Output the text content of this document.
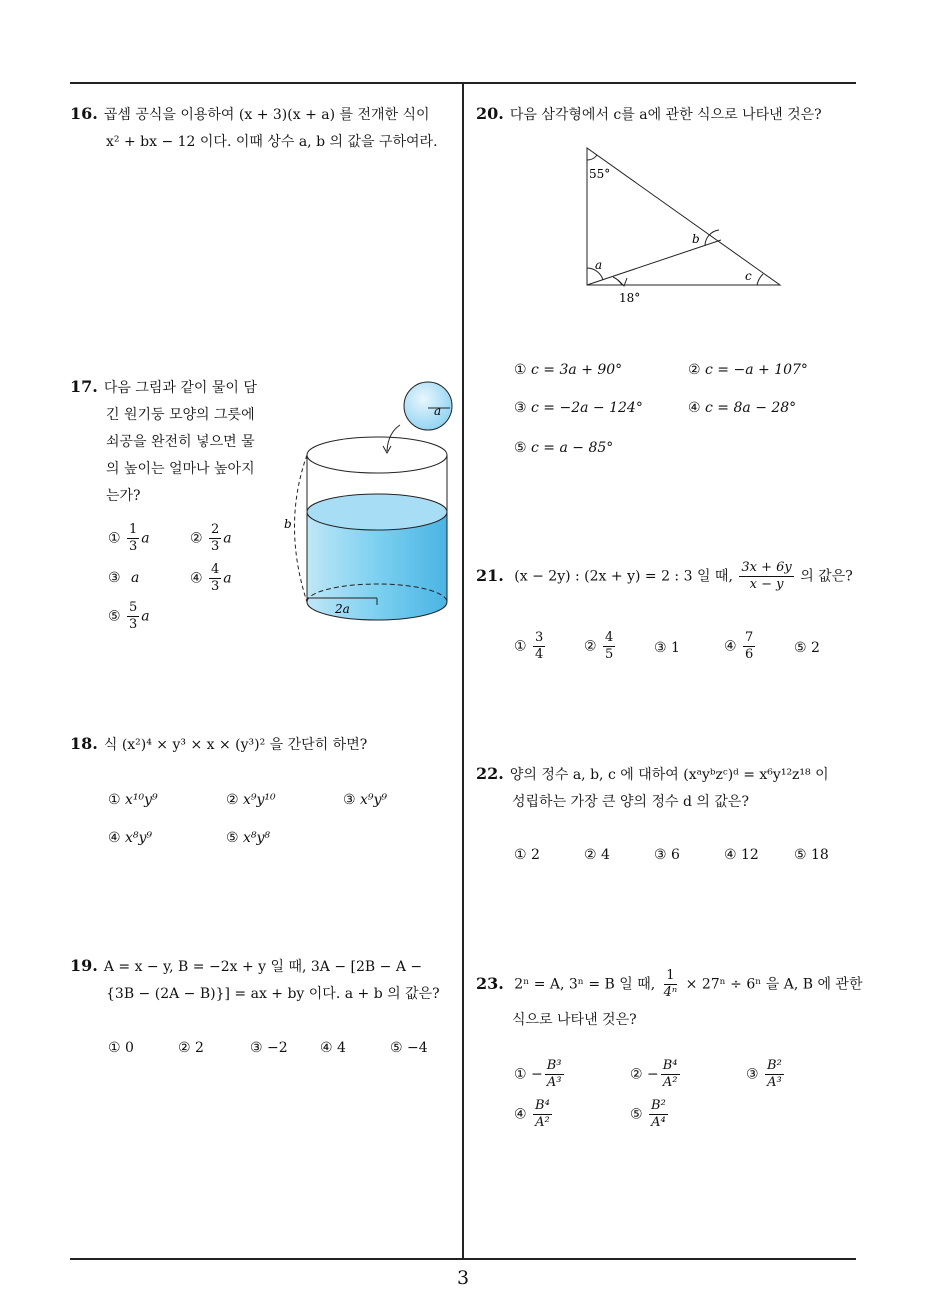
3
16. 곱셈 공식을 이용하여 (x + 3)(x + a) 를 전개한 식이
x² + bx − 12 이다. 이때 상수 a, b 의 값을 구하여라.
17. 다음 그림과 같이 물이 담
긴 원기둥 모양의 그릇에
쇠공을 완전히 넣으면 물
의 높이는 얼마나 높아지
는가?
① $\frac{1}{3}$ a	② $\frac{2}{3}$ a
③ a	④ $\frac{4}{3}$ a
⑤ $\frac{5}{3}$ a
a
2a
b
18. 식 (x²)⁴ × y³ × x × (y³)² 을 간단히 하면?
① x¹⁰y⁹	② x⁹y¹⁰	③ x⁹y⁹
④ x⁸y⁹	⑤ x⁸y⁸
19. A = x − y, B = −2x + y 일 때, 3A − [2B − A −
{3B − (2A − B)}] = ax + by 이다. a + b 의 값은?
① 0	② 2	③ −2 ④ 4	⑤ −4
20. 다음 삼각형에서 c를 a에 관한 식으로 나타낸 것은?
55°
b
a
c
18°
① c = 3a + 90°	② c = −a + 107°
③ c = −2a − 124°	④ c = 8a − 28°
⑤ c = a − 85°
21. (x − 2y) : (2x + y) = 2 : 3 일 때, $\frac{3x + 6y}{x - y}$ 의 값은?
① $\frac{3}{4}$	② $\frac{4}{5}$	③ 1	④ $\frac{7}{6}$	⑤ 2
22. 양의 정수 a, b, c 에 대하여 (xᵃyᵇzᶜ)ᵈ = x⁶y¹²z¹⁸ 이
성립하는 가장 큰 양의 정수 d 의 값은?
① 2	② 4	③ 6	④ 12	⑤ 18
23. 2ⁿ = A, 3ⁿ = B 일 때, $\frac{1}{\text{4ⁿ}} \times 27^n \div 6^n$ 을 A, B 에 관한
식으로 나타낸 것은?
① − $\frac{\text{B³}}{\text{A³}}$	② − $\frac{\text{B⁴}}{\text{A²}}$	③ $\frac{\text{B²}}{\text{A³}}$
④ $\frac{\text{B⁴}}{\text{A²}}$	⑤ $\frac{\text{B²}}{\text{A⁴}}$
